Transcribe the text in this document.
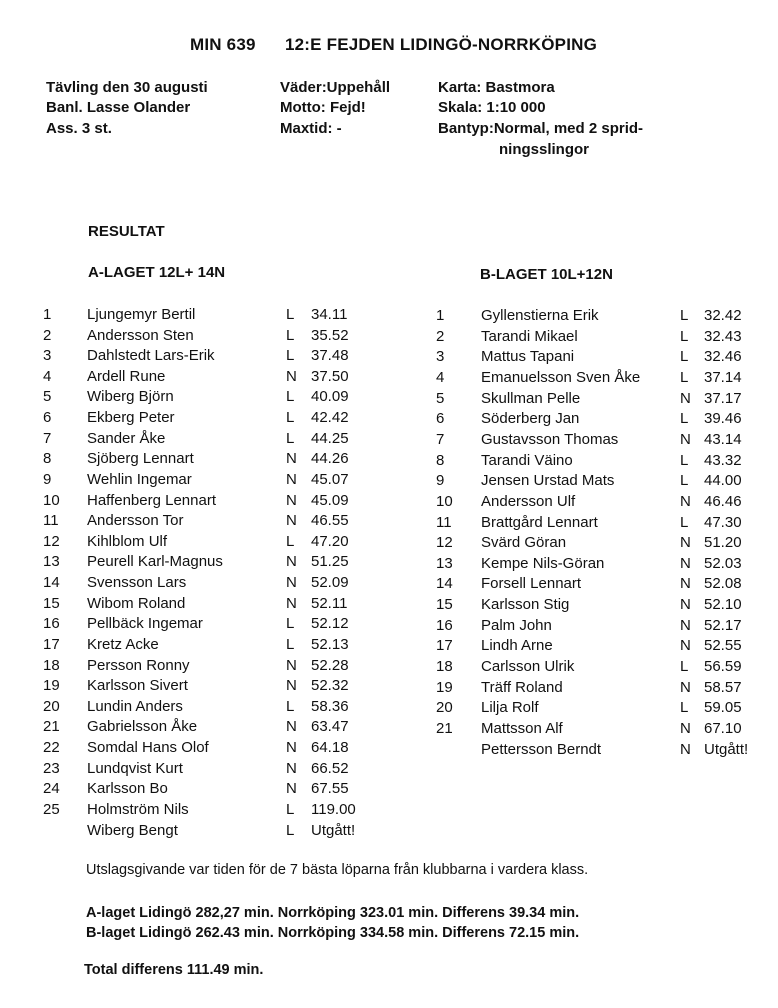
MIN 639 12:E FEJDEN LIDINGÖ-NORRKÖPING
Tävling den 30 augusti
Banl. Lasse Olander
Ass. 3 st.
Väder:Uppehåll
Motto: Fejd!
Maxtid: -
Karta: Bastmora
Skala: 1:10 000
Bantyp:Normal, med 2 sprid-
ningsslingor
RESULTAT
A-LAGET 12L+ 14N	B-LAGET 10L+12N
1 Ljungemyr Bertil	L 34.11
2 Andersson Sten	L 35.52
3 Dahlstedt Lars-Erik	L 37.48
4 Ardell Rune	N 37.50
5 Wiberg Björn	L 40.09
6 Ekberg Peter	L 42.42
7 Sander Åke	L 44.25
8 Sjöberg Lennart	N 44.26
9 Wehlin Ingemar	N 45.07
10 Haffenberg Lennart	N 45.09
11 Andersson Tor	N 46.55
12 Kihlblom Ulf	L 47.20
13 Peurell Karl-Magnus	N 51.25
14 Svensson Lars	N 52.09
15 Wibom Roland	N 52.11
16 Pellbäck Ingemar	L 52.12
17 Kretz Acke	L 52.13
18 Persson Ronny	N 52.28
19 Karlsson Sivert	N 52.32
20 Lundin Anders	L 58.36
21 Gabrielsson Åke	N 63.47
22 Somdal Hans Olof	N 64.18
23 Lundqvist Kurt	N 66.52
24 Karlsson Bo	N 67.55
25 Holmström Nils	L 119.00
Wiberg Bengt	L Utgått!
1 Gyllenstierna Erik	L 32.42
2 Tarandi Mikael	L 32.43
3 Mattus Tapani	L 32.46
4 Emanuelsson Sven Åke	L 37.14
5 Skullman Pelle	N 37.17
6 Söderberg Jan	L 39.46
7 Gustavsson Thomas	N 43.14
8 Tarandi Väino	L 43.32
9 Jensen Urstad Mats	L 44.00
10 Andersson Ulf	N 46.46
11 Brattgård Lennart	L 47.30
12 Svärd Göran	N 51.20
13 Kempe Nils-Göran	N 52.03
14 Forsell Lennart	N 52.08
15 Karlsson Stig	N 52.10
16 Palm John	N 52.17
17 Lindh Arne	N 52.55
18 Carlsson Ulrik	L 56.59
19 Träff Roland	N 58.57
20 Lilja Rolf	L 59.05
21 Mattsson Alf	N 67.10
Pettersson Berndt	N Utgått!
Utslagsgivande var tiden för de 7 bästa löparna från klubbarna i vardera klass.
A-laget Lidingö 282,27 min. Norrköping 323.01 min. Differens 39.34 min.
B-laget Lidingö 262.43 min. Norrköping 334.58 min. Differens 72.15 min.
Total differens 111.49 min.
